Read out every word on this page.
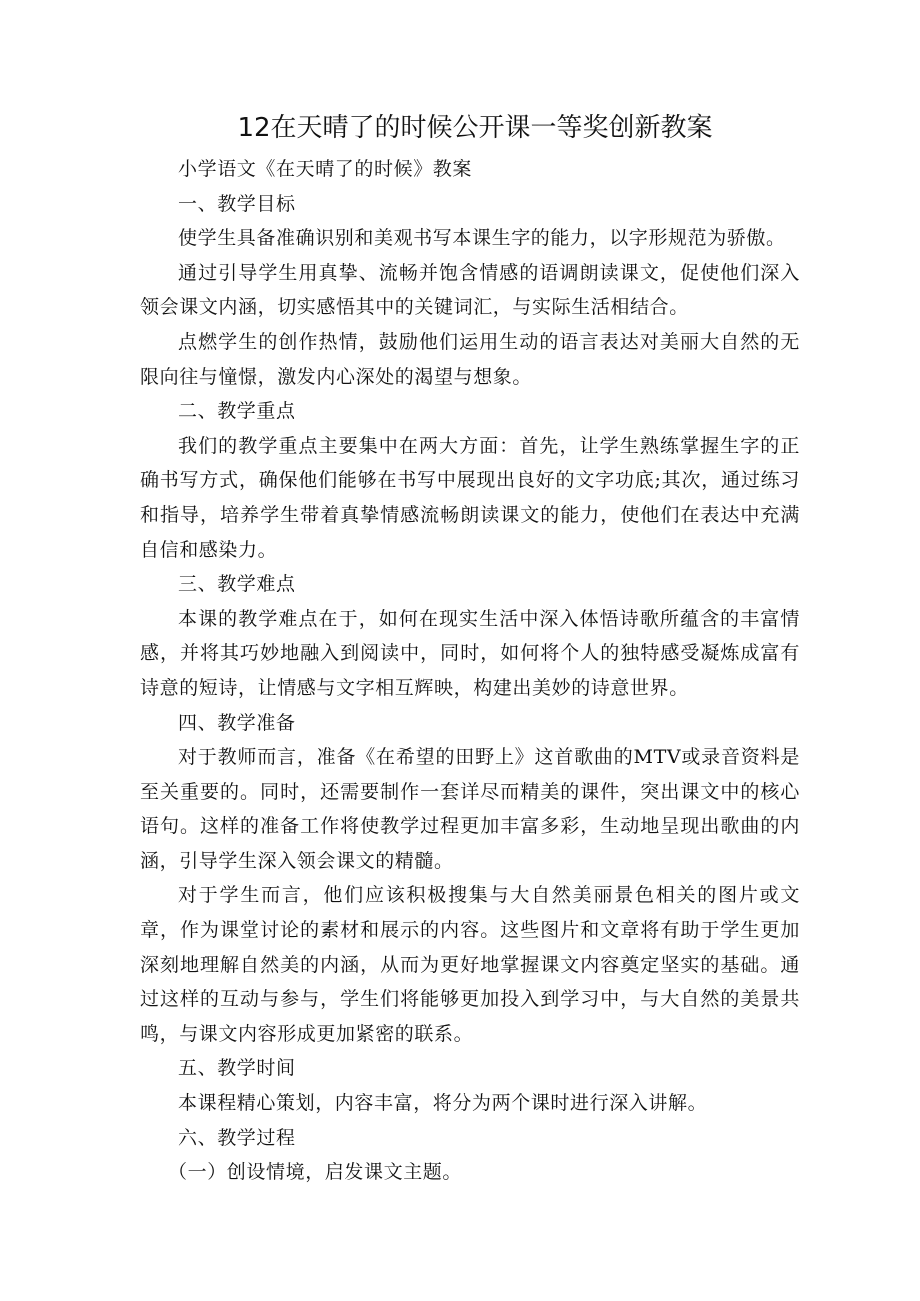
12在天晴了的时候公开课一等奖创新教案

小学语文《在天晴了的时候》教案

一、教学目标

使学生具备准确识别和美观书写本课生字的能力，以字形规范为骄傲。

通过引导学生用真挚、流畅并饱含情感的语调朗读课文，促使他们深入领会课文内涵，切实感悟其中的关键词汇，与实际生活相结合。

点燃学生的创作热情，鼓励他们运用生动的语言表达对美丽大自然的无限向往与憧憬，激发内心深处的渴望与想象。

二、教学重点

我们的教学重点主要集中在两大方面：首先，让学生熟练掌握生字的正确书写方式，确保他们能够在书写中展现出良好的文字功底;其次，通过练习和指导，培养学生带着真挚情感流畅朗读课文的能力，使他们在表达中充满自信和感染力。

三、教学难点

本课的教学难点在于，如何在现实生活中深入体悟诗歌所蕴含的丰富情感，并将其巧妙地融入到阅读中，同时，如何将个人的独特感受凝炼成富有诗意的短诗，让情感与文字相互辉映，构建出美妙的诗意世界。

四、教学准备

对于教师而言，准备《在希望的田野上》这首歌曲的MTV或录音资料是至关重要的。同时，还需要制作一套详尽而精美的课件，突出课文中的核心语句。这样的准备工作将使教学过程更加丰富多彩，生动地呈现出歌曲的内涵，引导学生深入领会课文的精髓。

对于学生而言，他们应该积极搜集与大自然美丽景色相关的图片或文章，作为课堂讨论的素材和展示的内容。这些图片和文章将有助于学生更加深刻地理解自然美的内涵，从而为更好地掌握课文内容奠定坚实的基础。通过这样的互动与参与，学生们将能够更加投入到学习中，与大自然的美景共鸣，与课文内容形成更加紧密的联系。

五、教学时间

本课程精心策划，内容丰富，将分为两个课时进行深入讲解。

六、教学过程

（一）创设情境，启发课文主题。
